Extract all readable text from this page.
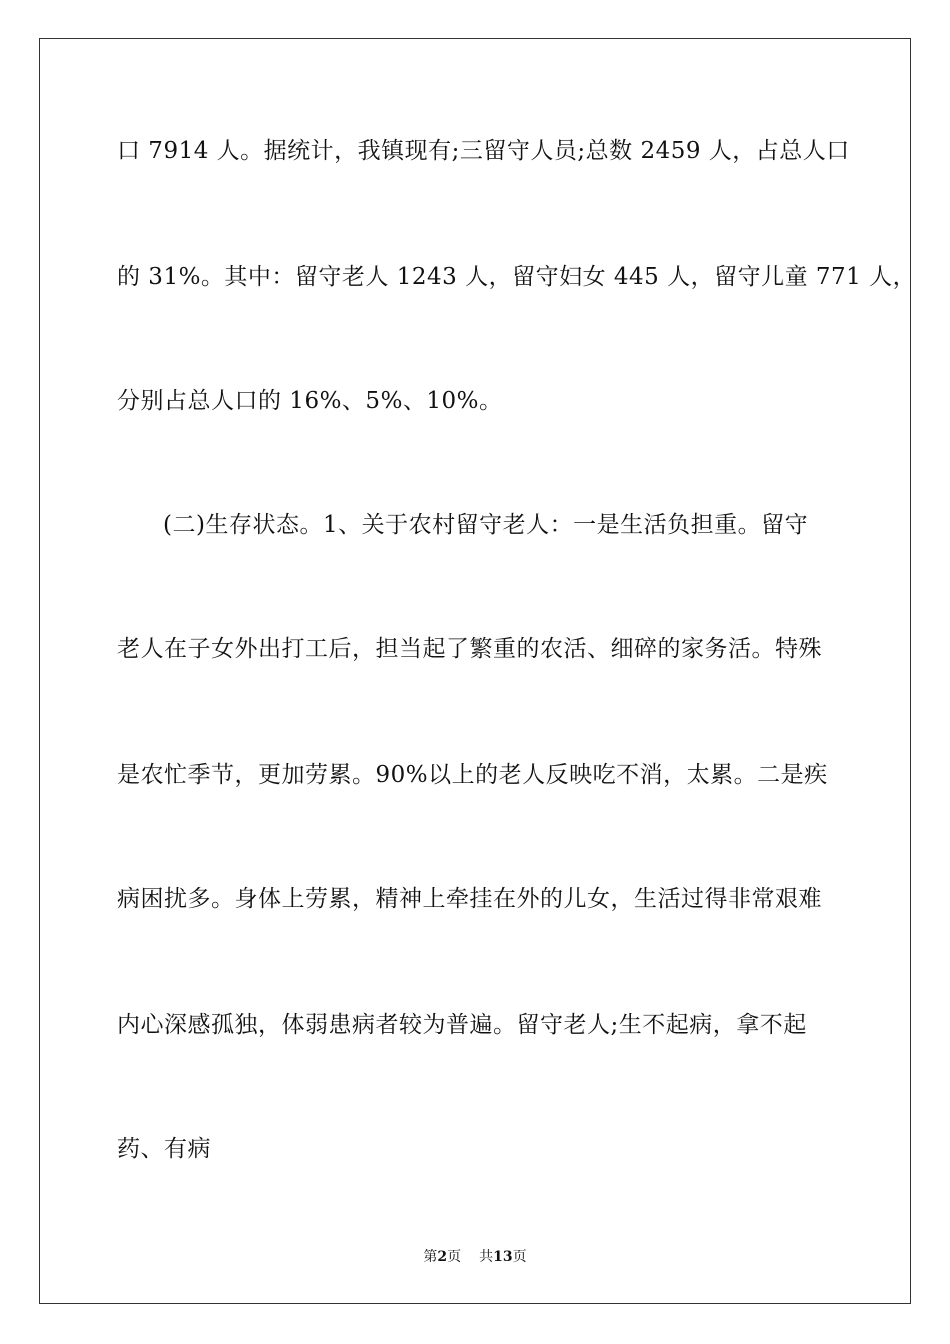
口 7914 人。据统计，我镇现有;三留守人员;总数 2459 人，占总人口
的 31%。其中：留守老人 1243 人，留守妇女 445 人，留守儿童 771 人，
分别占总人口的 16%、5%、10%。
(二)生存状态。1、关于农村留守老人：一是生活负担重。留守
老人在子女外出打工后，担当起了繁重的农活、细碎的家务活。特殊
是农忙季节，更加劳累。90%以上的老人反映吃不消，太累。二是疾
病困扰多。身体上劳累，精神上牵挂在外的儿女，生活过得非常艰难
内心深感孤独，体弱患病者较为普遍。留守老人;生不起病，拿不起
药、有病
第2页 共13页
